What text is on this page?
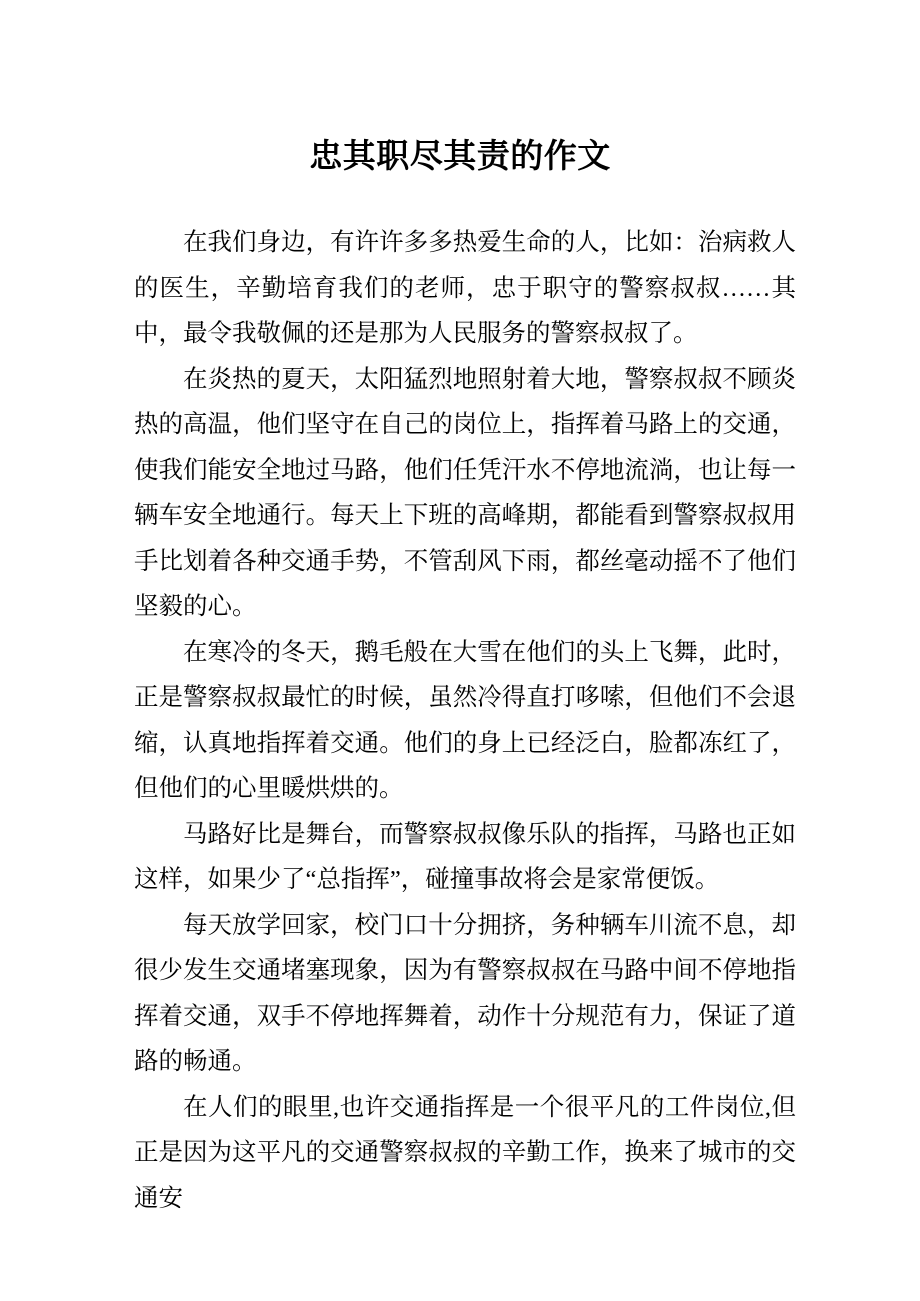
忠其职尽其责的作文

在我们身边，有许许多多热爱生命的人，比如：治病救人的医生，辛勤培育我们的老师，忠于职守的警察叔叔……其中，最令我敬佩的还是那为人民服务的警察叔叔了。

在炎热的夏天，太阳猛烈地照射着大地，警察叔叔不顾炎热的高温，他们坚守在自己的岗位上，指挥着马路上的交通，使我们能安全地过马路，他们任凭汗水不停地流淌，也让每一辆车安全地通行。每天上下班的高峰期，都能看到警察叔叔用手比划着各种交通手势，不管刮风下雨，都丝毫动摇不了他们坚毅的心。

在寒冷的冬天，鹅毛般在大雪在他们的头上飞舞，此时，正是警察叔叔最忙的时候，虽然冷得直打哆嗦，但他们不会退缩，认真地指挥着交通。他们的身上已经泛白，脸都冻红了，但他们的心里暖烘烘的。

马路好比是舞台，而警察叔叔像乐队的指挥，马路也正如这样，如果少了“总指挥”，碰撞事故将会是家常便饭。

每天放学回家，校门口十分拥挤，务种辆车川流不息，却很少发生交通堵塞现象，因为有警察叔叔在马路中间不停地指挥着交通，双手不停地挥舞着，动作十分规范有力，保证了道路的畅通。

在人们的眼里,也许交通指挥是一个很平凡的工件岗位,但正是因为这平凡的交通警察叔叔的辛勤工作，换来了城市的交通安
